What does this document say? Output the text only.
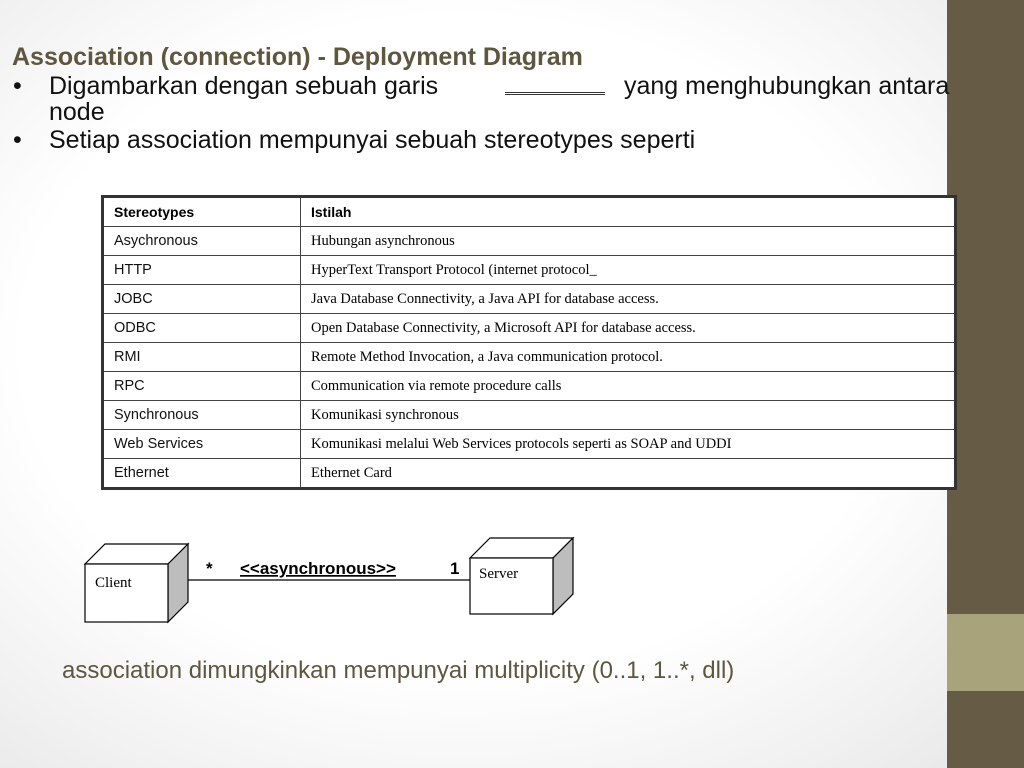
Association (connection) - Deployment Diagram
• Digambarkan dengan sebuah garis	yang menghubungkan antara
node
• Setiap association mempunyai sebuah stereotypes seperti
Stereotypes	Istilah
Asychronous	Hubungan asynchronous
HTTP	HyperText Transport Protocol (internet protocol_
JOBC	Java Database Connectivity, a Java API for database access.
ODBC	Open Database Connectivity, a Microsoft API for database access.
RMI	Remote Method Invocation, a Java communication protocol.
RPC	Communication via remote procedure calls
Synchronous	Komunikasi synchronous
Web Services	Komunikasi melalui Web Services protocols seperti as SOAP and UDDI
Ethernet	Ethernet Card
Client
Server
* <<asynchronous>>	1
association dimungkinkan mempunyai multiplicity (0..1, 1..*, dll)
